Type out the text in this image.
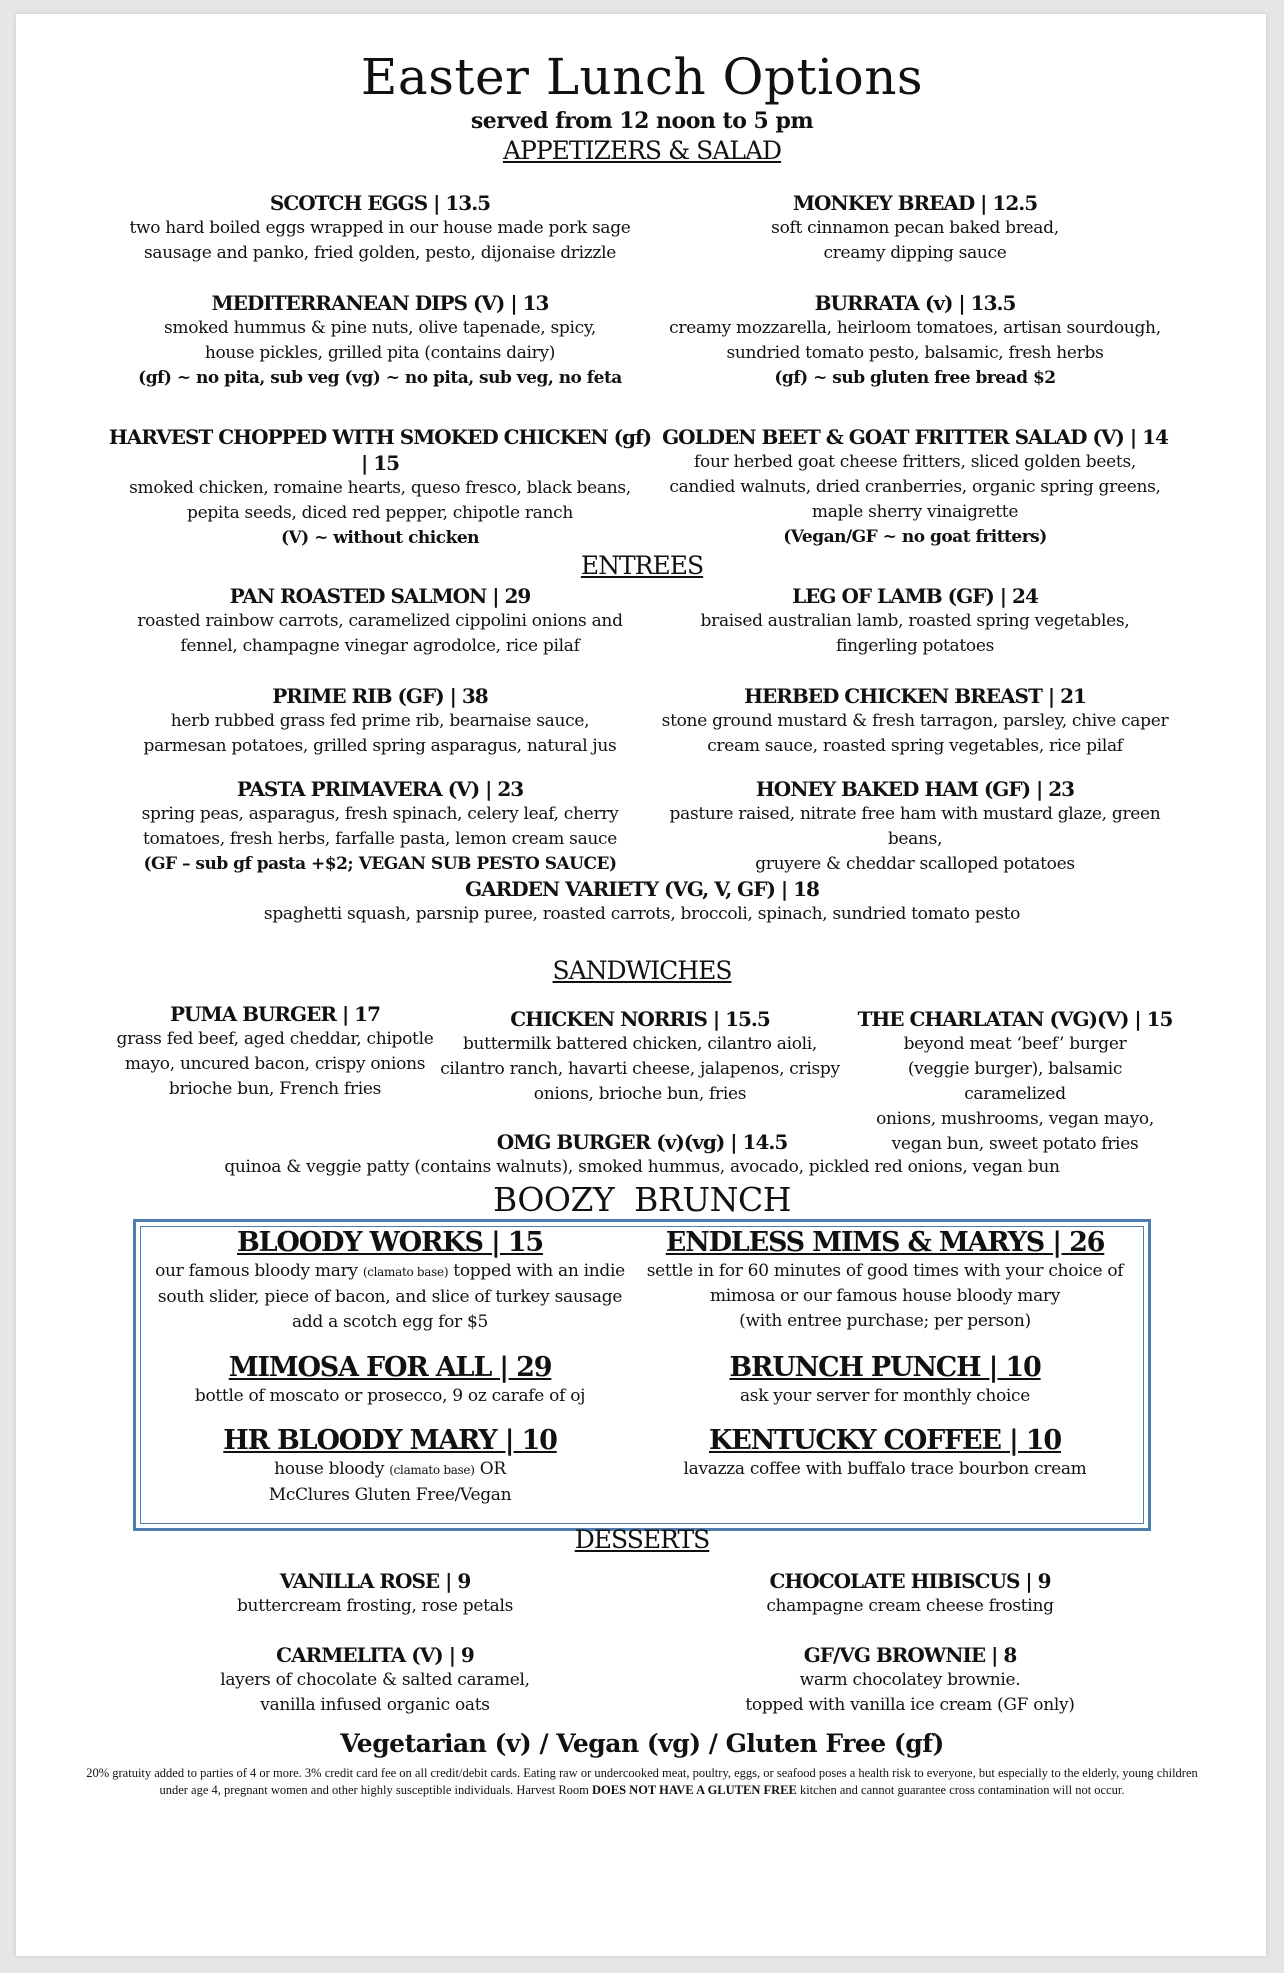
Easter Lunch Options
served from 12 noon to 5 pm
APPETIZERS & SALAD
SCOTCH EGGS | 13.5
two hard boiled eggs wrapped in our house made pork sage
sausage and panko, fried golden, pesto, dijonaise drizzle
MONKEY BREAD | 12.5
soft cinnamon pecan baked bread,
creamy dipping sauce
MEDITERRANEAN DIPS (V) | 13
smoked hummus & pine nuts, olive tapenade, spicy,
house pickles, grilled pita (contains dairy)
(gf) ~ no pita, sub veg (vg) ~ no pita, sub veg, no feta
BURRATA (v) | 13.5
creamy mozzarella, heirloom tomatoes, artisan sourdough,
sundried tomato pesto, balsamic, fresh herbs
(gf) ~ sub gluten free bread $2
HARVEST CHOPPED WITH SMOKED CHICKEN (gf) | 15
smoked chicken, romaine hearts, queso fresco, black beans,
pepita seeds, diced red pepper, chipotle ranch
(V) ~ without chicken
GOLDEN BEET & GOAT FRITTER SALAD (V) | 14
four herbed goat cheese fritters, sliced golden beets,
candied walnuts, dried cranberries, organic spring greens,
maple sherry vinaigrette
(Vegan/GF ~ no goat fritters)
ENTREES
PAN ROASTED SALMON | 29
roasted rainbow carrots, caramelized cippolini onions and
fennel, champagne vinegar agrodolce, rice pilaf
LEG OF LAMB (GF) | 24
braised australian lamb, roasted spring vegetables,
fingerling potatoes
PRIME RIB (GF) | 38
herb rubbed grass fed prime rib, bearnaise sauce,
parmesan potatoes, grilled spring asparagus, natural jus
HERBED CHICKEN BREAST | 21
stone ground mustard & fresh tarragon, parsley, chive caper
cream sauce, roasted spring vegetables, rice pilaf
PASTA PRIMAVERA (V) | 23
spring peas, asparagus, fresh spinach, celery leaf, cherry
tomatoes, fresh herbs, farfalle pasta, lemon cream sauce
(GF – sub gf pasta +$2; VEGAN SUB PESTO SAUCE)
HONEY BAKED HAM (GF) | 23
pasture raised, nitrate free ham with mustard glaze, green beans,
gruyere & cheddar scalloped potatoes
GARDEN VARIETY (VG, V, GF) | 18
spaghetti squash, parsnip puree, roasted carrots, broccoli, spinach, sundried tomato pesto
SANDWICHES
PUMA BURGER | 17
grass fed beef, aged cheddar, chipotle
mayo, uncured bacon, crispy onions
brioche bun, French fries
CHICKEN NORRIS | 15.5
buttermilk battered chicken, cilantro aioli,
cilantro ranch, havarti cheese, jalapenos, crispy
onions, brioche bun, fries
THE CHARLATAN (VG)(V) | 15
beyond meat ‘beef’ burger
(veggie burger), balsamic caramelized
onions, mushrooms, vegan mayo,
vegan bun, sweet potato fries
OMG BURGER (v)(vg) | 14.5
quinoa & veggie patty (contains walnuts), smoked hummus, avocado, pickled red onions, vegan bun
BOOZY  BRUNCH
BLOODY WORKS | 15
our famous bloody mary (clamato base) topped with an indie
south slider, piece of bacon, and slice of turkey sausage
add a scotch egg for $5
ENDLESS MIMS & MARYS | 26
settle in for 60 minutes of good times with your choice of
mimosa or our famous house bloody mary
(with entree purchase; per person)
MIMOSA FOR ALL | 29
bottle of moscato or prosecco, 9 oz carafe of oj
BRUNCH PUNCH | 10
ask your server for monthly choice
HR BLOODY MARY | 10
house bloody (clamato base) OR
McClures Gluten Free/Vegan
KENTUCKY COFFEE | 10
lavazza coffee with buffalo trace bourbon cream
DESSERTS
VANILLA ROSE | 9
buttercream frosting, rose petals
CHOCOLATE HIBISCUS | 9
champagne cream cheese frosting
CARMELITA (V) | 9
layers of chocolate & salted caramel,
vanilla infused organic oats
GF/VG BROWNIE | 8
warm chocolatey brownie.
topped with vanilla ice cream (GF only)
Vegetarian (v) / Vegan (vg) / Gluten Free (gf)
20% gratuity added to parties of 4 or more. 3% credit card fee on all credit/debit cards. Eating raw or undercooked meat, poultry, eggs, or seafood poses a health risk to everyone, but especially to the elderly, young children under age 4, pregnant women and other highly susceptible individuals. Harvest Room DOES NOT HAVE A GLUTEN FREE kitchen and cannot guarantee cross contamination will not occur.
